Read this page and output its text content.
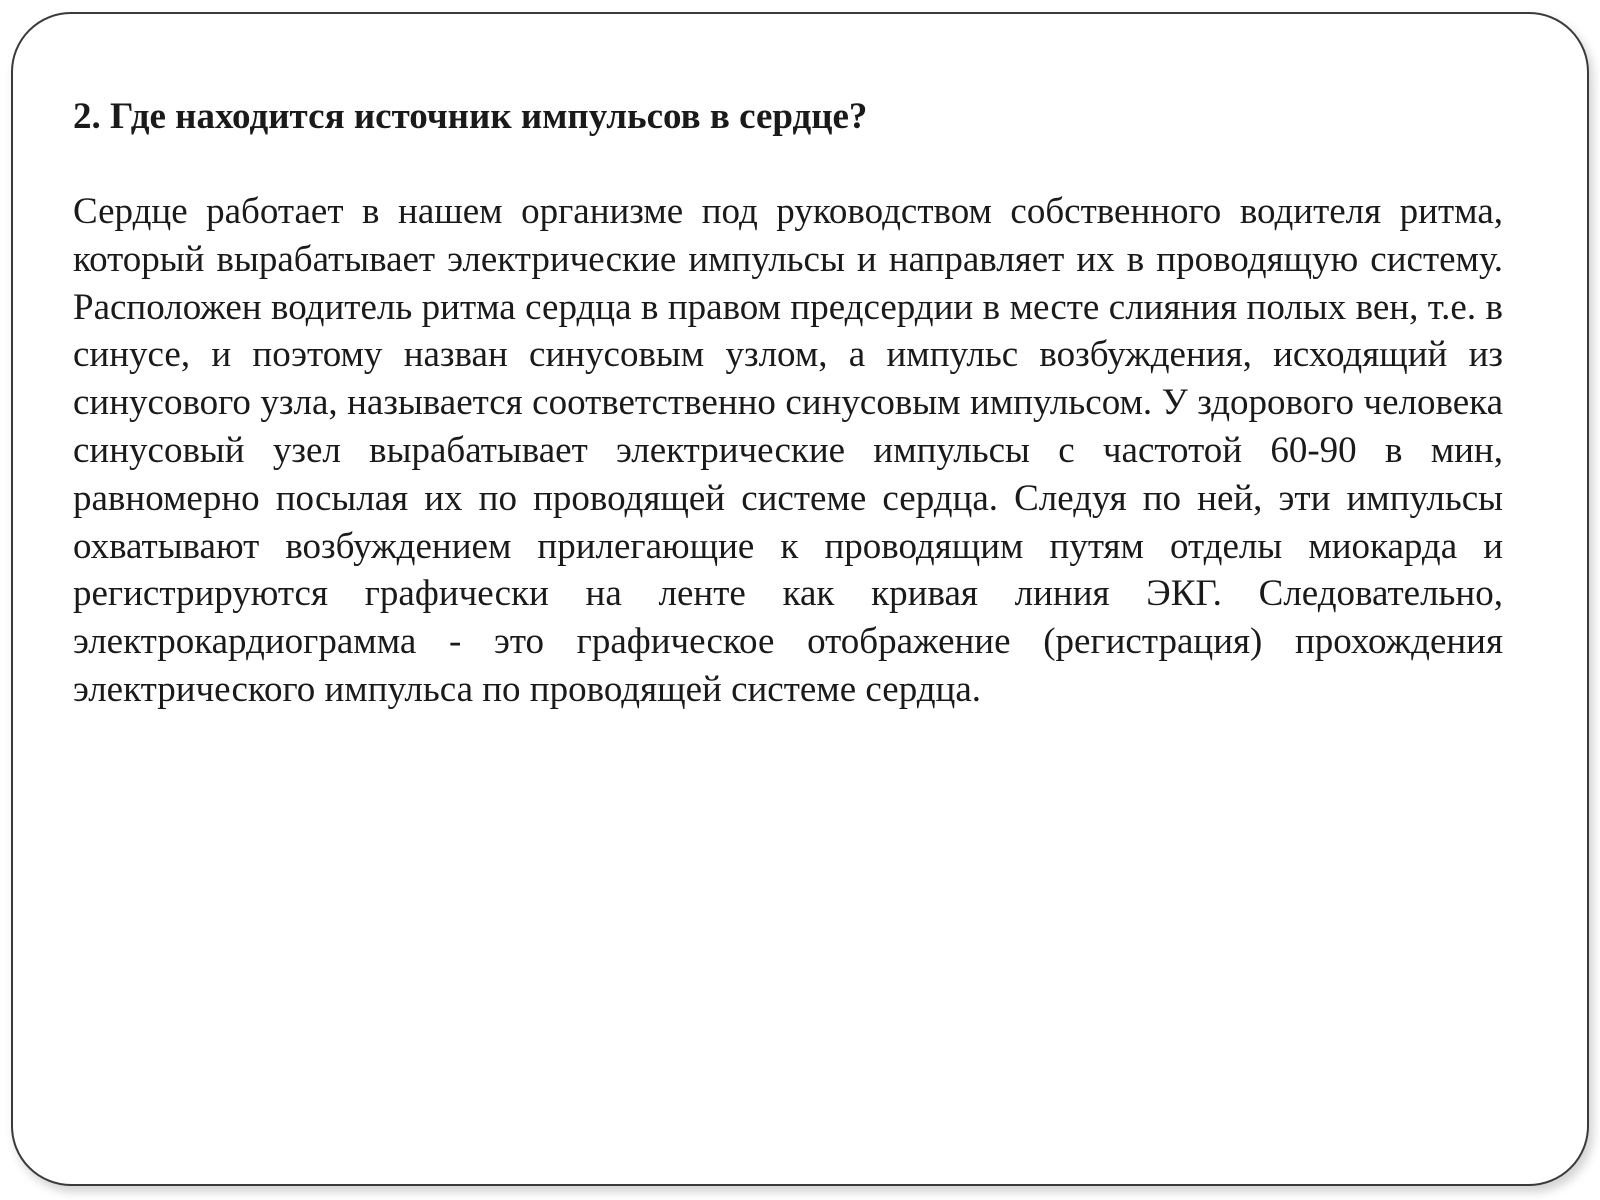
2. Где находится источник импульсов в сердце?

Сердце работает в нашем организме под руководством собственного водителя ритма, который вырабатывает электрические импульсы и направляет их в проводящую систему. Расположен водитель ритма сердца в правом предсердии в месте слияния полых вен, т.е. в синусе, и поэтому назван синусовым узлом, а импульс возбуждения, исходящий из синусового узла, называется соответственно синусовым импульсом. У здорового человека синусовый узел вырабатывает электрические импульсы с частотой 60-90 в мин, равномерно посылая их по проводящей системе сердца. Следуя по ней, эти импульсы охватывают возбуждением прилегающие к проводящим путям отделы миокарда и регистрируются графически на ленте как кривая линия ЭКГ. Следовательно, электрокардиограмма - это графическое отображение (регистрация) прохождения электрического импульса по проводящей системе сердца.
